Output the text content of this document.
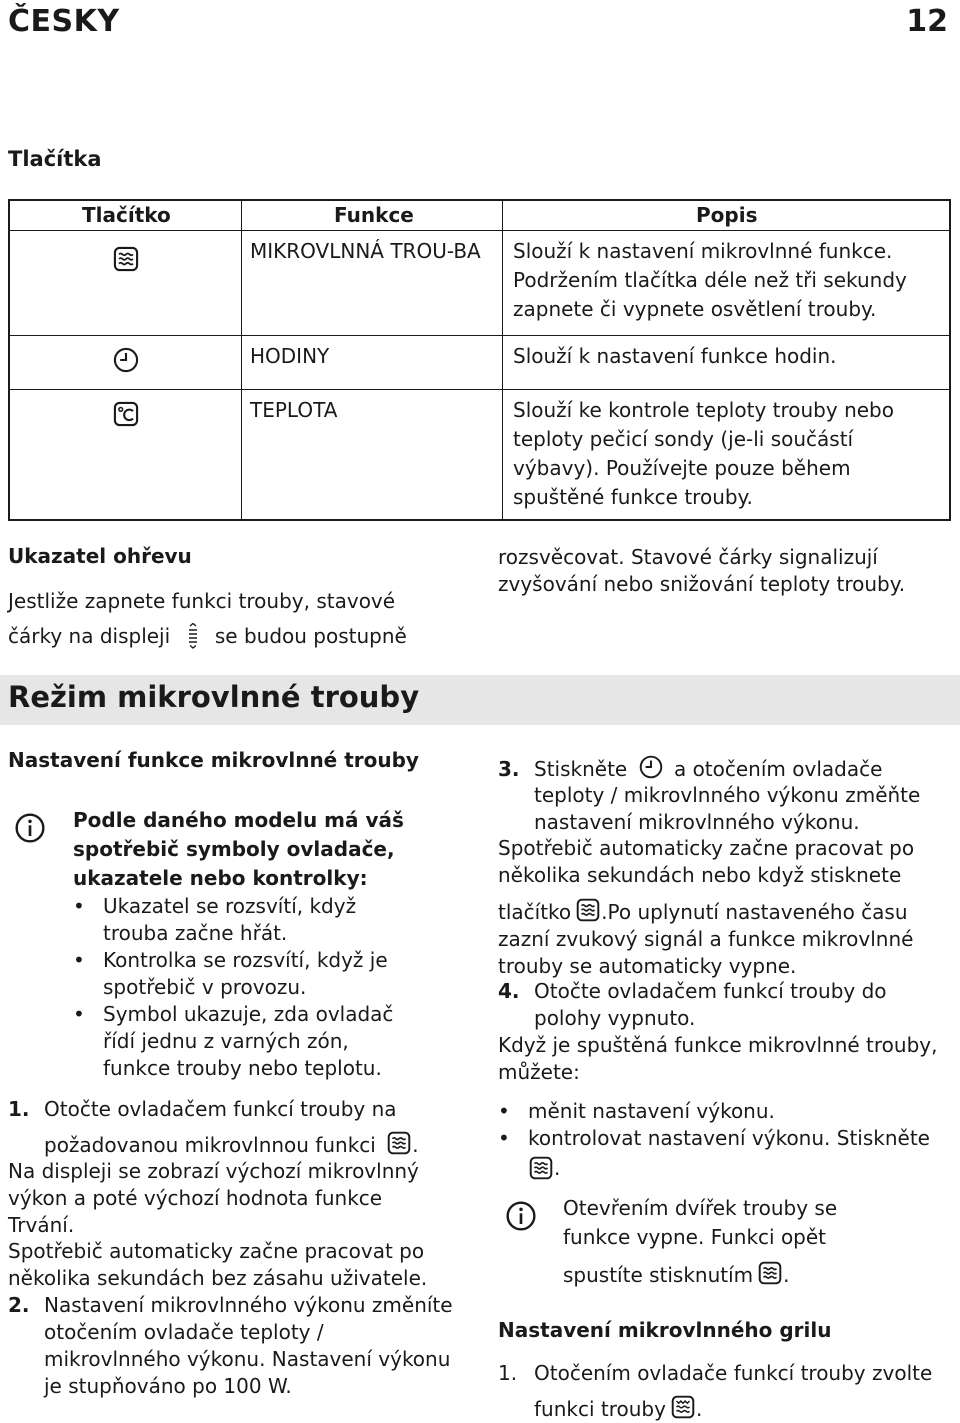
ČESKY	12
Tlačítka
Tlačítko	Funkce	Popis
MIKROVLNNÁ TROU-BA	Slouží k nastavení mikrovlnné funkce. Podržením tlačítka déle než tři sekundy zapnete či vypnete osvětlení trouby.
HODINY	Slouží k nastavení funkce hodin.
TEPLOTA	Slouží ke kontrole teploty trouby nebo teploty pečicí sondy (je-li součástí výbavy). Používejte pouze během spuštěné funkce trouby.
Ukazatel ohřevu
Jestliže zapnete funkci trouby, stavové
čárky na displeji se budou postupně
rozsvěcovat. Stavové čárky signalizují zvyšování nebo snižování teploty trouby.
Režim mikrovlnné trouby
Nastavení funkce mikrovlnné trouby
Podle daného modelu má váš spotřebič symboly ovladače, ukazatele nebo kontrolky:
• Ukazatel se rozsvítí, když trouba začne hřát.
• Kontrolka se rozsvítí, když je spotřebič v provozu.
• Symbol ukazuje, zda ovladač řídí jednu z varných zón, funkce trouby nebo teplotu.
1. Otočte ovladačem funkcí trouby na
požadovanou mikrovlnnou funkci .
Na displeji se zobrazí výchozí mikrovlnný výkon a poté výchozí hodnota funkce Trvání.
Spotřebič automaticky začne pracovat po několika sekundách bez zásahu uživatele.
2. Nastavení mikrovlnného výkonu změníte otočením ovladače teploty / mikrovlnného výkonu. Nastavení výkonu je stupňováno po 100 W.
3. Stiskněte a otočením ovladače
teploty / mikrovlnného výkonu změňte nastavení mikrovlnného výkonu.
Spotřebič automaticky začne pracovat po několika sekundách nebo když stisknete
tlačítko .Po uplynutí nastaveného času zazní zvukový signál a funkce mikrovlnné trouby se automaticky vypne.
4. Otočte ovladačem funkcí trouby do polohy vypnuto.
Když je spuštěná funkce mikrovlnné trouby, můžete:
• měnit nastavení výkonu.
• kontrolovat nastavení výkonu. Stiskněte
.
Otevřením dvířek trouby se funkce vypne. Funkci opět
spustíte stisknutím .
Nastavení mikrovlnného grilu
1. Otočením ovladače funkcí trouby zvolte
funkci trouby .
